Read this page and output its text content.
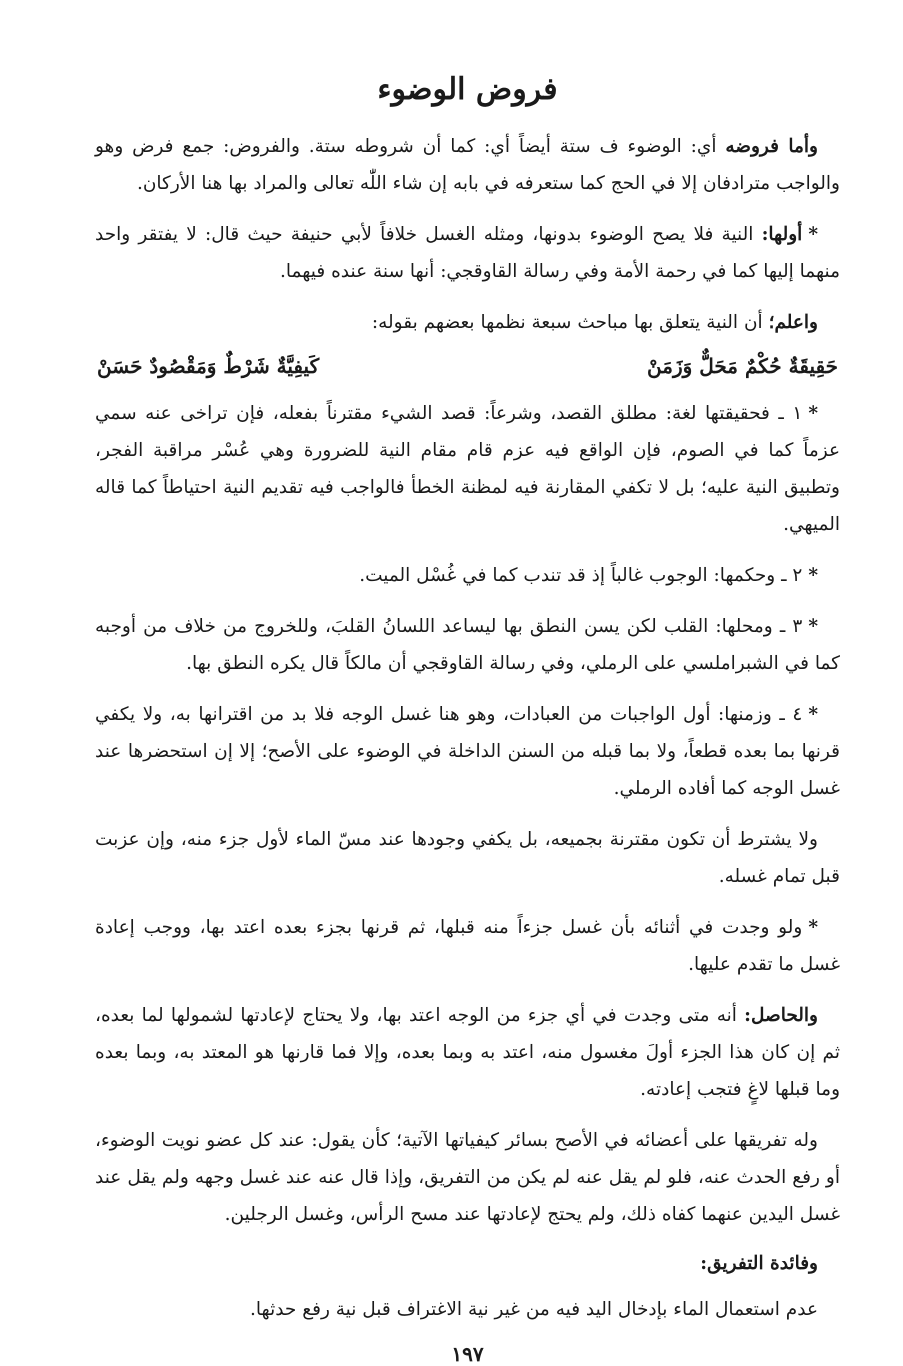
فروض الوضوء

وأما فروضه أي: الوضوء ف ستة أيضاً أي: كما أن شروطه ستة. والفروض: جمع فرض وهو والواجب مترادفان إلا في الحج كما ستعرفه في بابه إن شاء اللّٰه تعالى والمراد بها هنا الأركان.

*أولها: النية فلا يصح الوضوء بدونها، ومثله الغسل خلافاً لأبي حنيفة حيث قال: لا يفتقر واحد منهما إليها كما في رحمة الأمة وفي رسالة القاوقجي: أنها سنة عنده فيهما.

واعلم؛ أن النية يتعلق بها مباحث سبعة نظمها بعضهم بقوله:

حَقِيقَةٌ حُكْمٌ مَحَلٌّ وَزَمَنْ
كَيفِيَّةٌ شَرْطٌ وَمَقْصُودٌ حَسَنْ

*١ ـ فحقيقتها لغة: مطلق القصد، وشرعاً: قصد الشيء مقترناً بفعله، فإن تراخى عنه سمي عزماً كما في الصوم، فإن الواقع فيه عزم قام مقام النية للضرورة وهي عُسْر مراقبة الفجر، وتطبيق النية عليه؛ بل لا تكفي المقارنة فيه لمظنة الخطأ فالواجب فيه تقديم النية احتياطاً كما قاله الميهي.

*٢ ـ وحكمها: الوجوب غالباً إذ قد تندب كما في غُسْل الميت.

*٣ ـ ومحلها: القلب لكن يسن النطق بها ليساعد اللسانُ القلبَ، وللخروج من خلاف من أوجبه كما في الشبراملسي على الرملي، وفي رسالة القاوقجي أن مالكاً قال يكره النطق بها.

*٤ ـ وزمنها: أول الواجبات من العبادات، وهو هنا غسل الوجه فلا بد من اقترانها به، ولا يكفي قرنها بما بعده قطعاً، ولا بما قبله من السنن الداخلة في الوضوء على الأصح؛ إلا إن استحضرها عند غسل الوجه كما أفاده الرملي.

ولا يشترط أن تكون مقترنة بجميعه، بل يكفي وجودها عند مسّ الماء لأول جزء منه، وإن عزبت قبل تمام غسله.

*ولو وجدت في أثنائه بأن غسل جزءاً منه قبلها، ثم قرنها بجزء بعده اعتد بها، ووجب إعادة غسل ما تقدم عليها.

والحاصل: أنه متى وجدت في أي جزء من الوجه اعتد بها، ولا يحتاج لإعادتها لشمولها لما بعده، ثم إن كان هذا الجزء أولَ مغسول منه، اعتد به وبما بعده، وإلا فما قارنها هو المعتد به، وبما بعده وما قبلها لاغٍ فتجب إعادته.

وله تفريقها على أعضائه في الأصح بسائر كيفياتها الآتية؛ كأن يقول: عند كل عضو نويت الوضوء، أو رفع الحدث عنه، فلو لم يقل عنه لم يكن من التفريق، وإذا قال عنه عند غسل وجهه ولم يقل عند غسل اليدين عنهما كفاه ذلك، ولم يحتج لإعادتها عند مسح الرأس، وغسل الرجلين.

وفائدة التفريق:

عدم استعمال الماء بإدخال اليد فيه من غير نية الاغتراف قبل نية رفع حدثها.

١٩٧
